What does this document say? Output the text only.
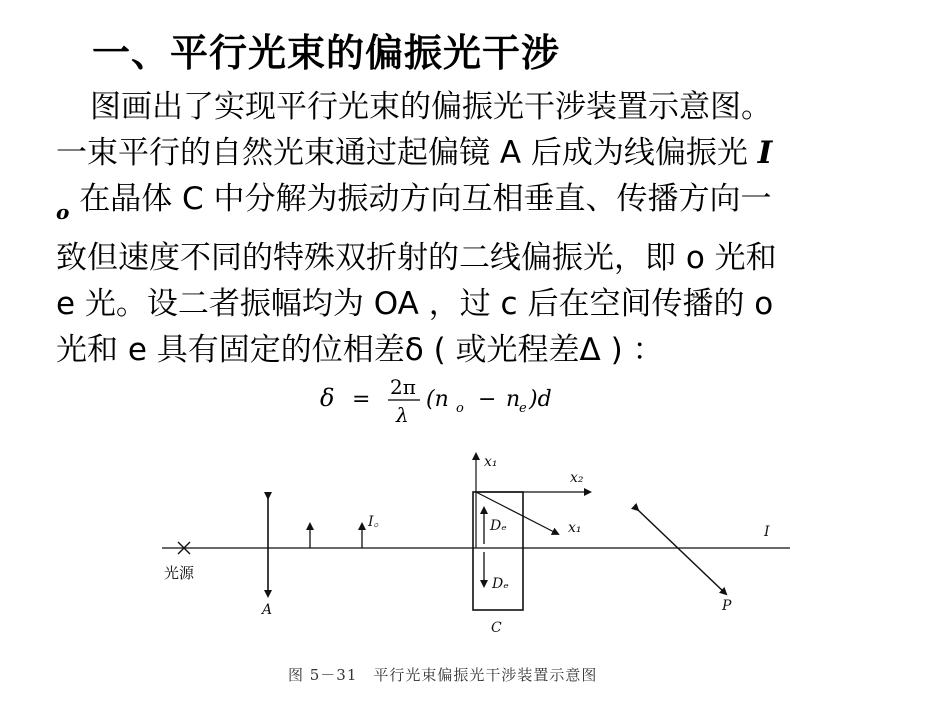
一、平行光束的偏振光干涉
图画出了实现平行光束的偏振光干涉装置示意图。
一束平行的自然光束通过起偏镜 A 后成为线偏振光 I
$_o$ 在晶体 C 中分解为振动方向互相垂直、传播方向一
致但速度不同的特殊双折射的二线偏振光，即 o 光和
e 光。设二者振幅均为 OA ，过 c 后在空间传播的 o
光和 e 具有固定的位相差δ ( 或光程差Δ ) ：
δ = 2π
λ
(n o − n
e )d
光源
A
I。
C
x₁
x₂
x₁
Dₑ
Dₑ
P
I
图 5－31　平行光束偏振光干涉装置示意图
